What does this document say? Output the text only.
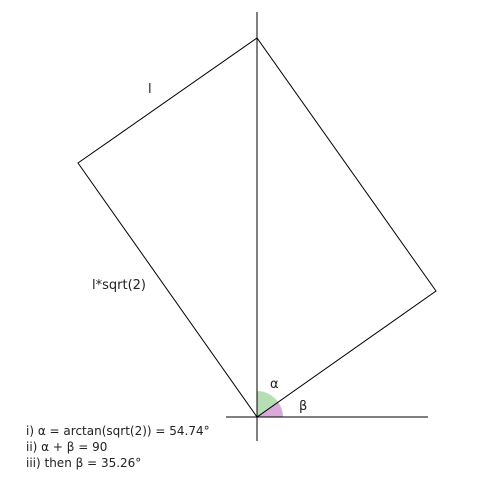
l
l*sqrt(2)
α
β
i) α = arctan(sqrt(2)) = 54.74°
ii) α + β = 90
iii) then β = 35.26°
